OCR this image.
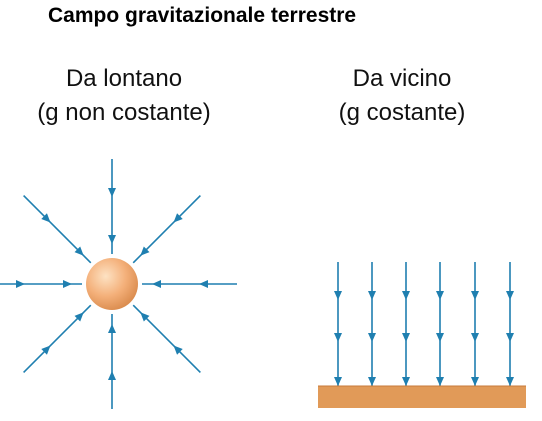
Campo gravitazionale terrestre
Da lontano
(g non costante)
Da vicino
(g costante)
